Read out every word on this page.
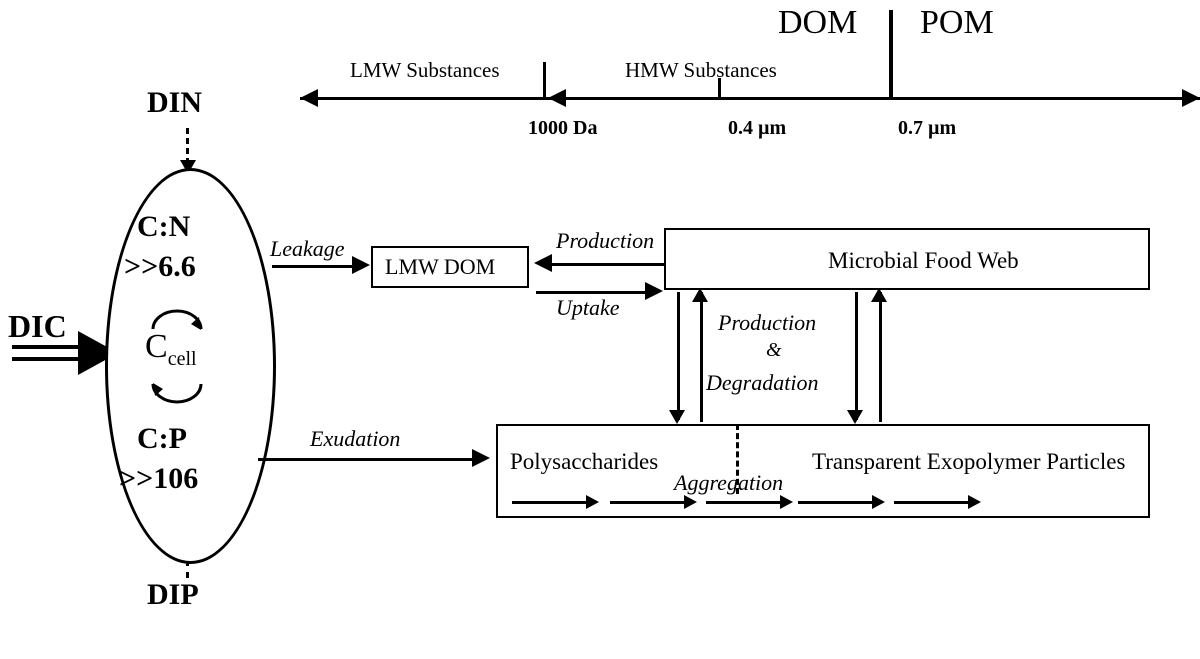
DOM POM
LMW Substances	HMW Substances
1000 Da	0.4 µm	0.7 µm
DIN
DIP
DIC
C:N
>>6.6
C:P
>>106
$C_{cell}$
Leakage
LMW DOM	Microbial Food Web
Production
Uptake
Production
&
Degradation
Exudation
Polysaccharides	Transparent Exopolymer Particles
Aggregation
